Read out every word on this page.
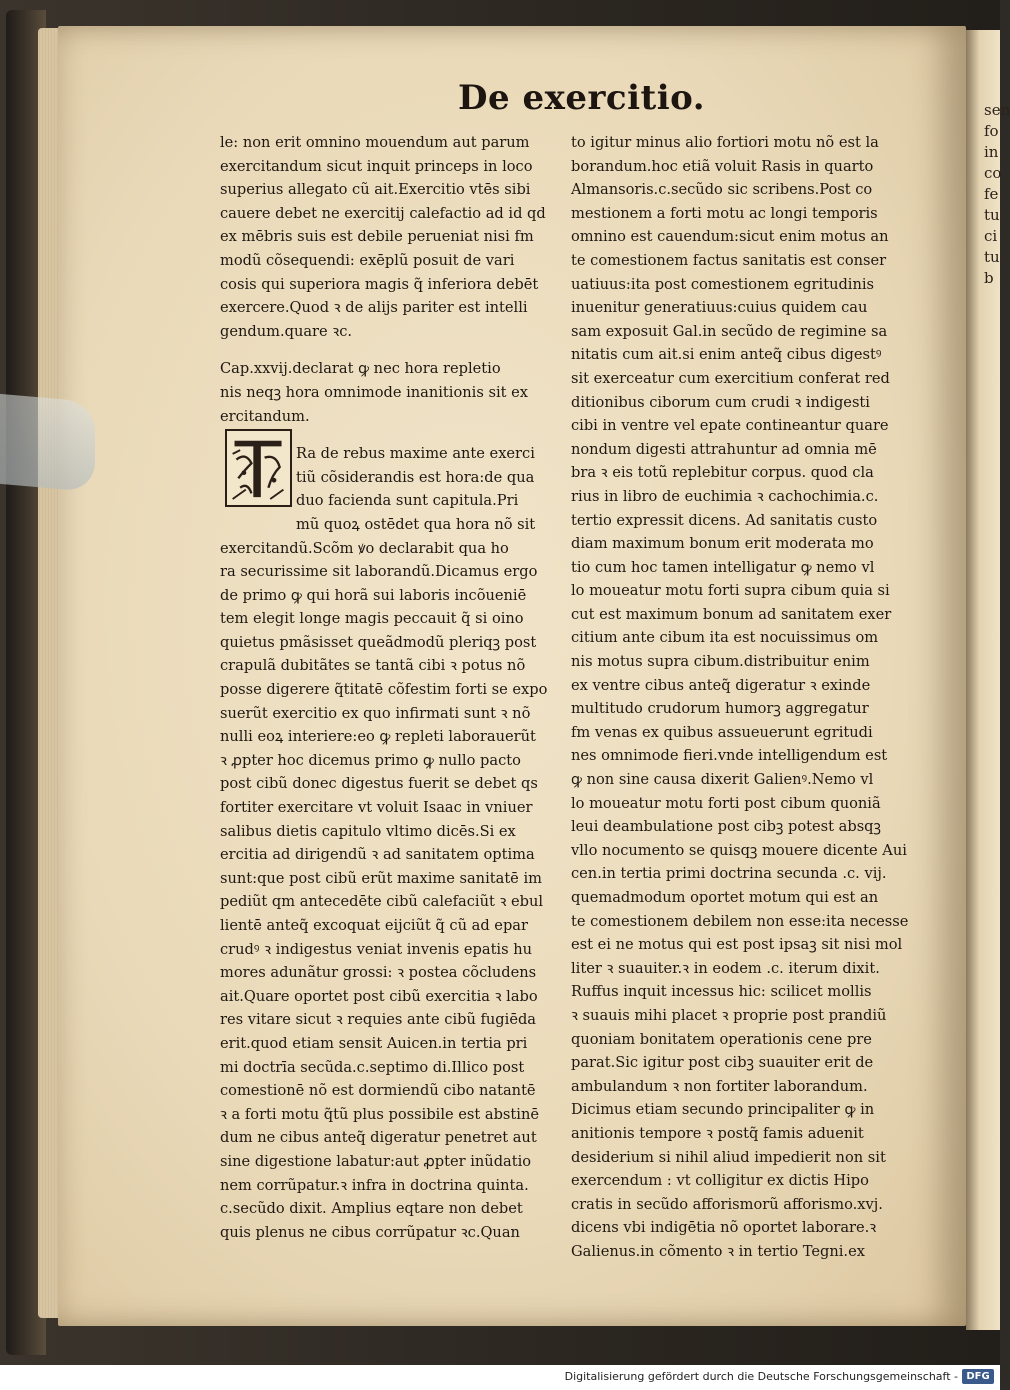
sen
fo
in
co
fe
tu
ci
tu
b
De exercitio.
le: non erit omnino mouendum aut parum
exercitandum sicut inquit princeps in loco
superius allegato cũ ait.Exercitio vtēs sibi
cauere debet ne exercitij calefactio ad id qd
ex mēbris suis est debile perueniat nisi fm
modũ cõsequendi: exēplũ posuit de vari
cosis qui superiora magis q̃ inferiora debēt
exercere.Quod ꝛ de alijs pariter est intelli
gendum.quare ꝛc.
Cap.xxvij.declarat ꝙ nec hora repletio
nis neqꝫ hora omnimode inanitionis sit ex
ercitandum.
Ra de rebus maxime ante exerci
tiũ cõsiderandis est hora:de qua
duo facienda sunt capitula.Pri
mũ quoꝝ ostēdet qua hora nõ sit
exercitandũ.Scõm ꝟo declarabit qua ho
ra securissime sit laborandũ.Dicamus ergo
de primo ꝙ qui horã sui laboris incõueniē
tem elegit longe magis peccauit q̃ si oino
quietus pmãsisset queãdmodũ pleriqꝫ post
crapulã dubitãtes se tantã cibi ꝛ potus nõ
posse digerere q̃titatē cõfestim forti se expo
suerũt exercitio ex quo infirmati sunt ꝛ nõ
nulli eoꝝ interiere:eo ꝙ repleti laborauerũt
ꝛ ꝓpter hoc dicemus primo ꝙ nullo pacto
post cibũ donec digestus fuerit se debet qs
fortiter exercitare vt voluit Isaac in vniuer
salibus dietis capitulo vltimo dicēs.Si ex
ercitia ad dirigendũ ꝛ ad sanitatem optima
sunt:que post cibũ erũt maxime sanitatē im
pediũt qm antecedēte cibũ calefaciũt ꝛ ebul
lientē anteq̃ excoquat eijciũt q̃ cũ ad epar
crudꝰ ꝛ indigestus veniat invenis epatis hu
mores adunãtur grossi: ꝛ postea cõcludens
ait.Quare oportet post cibũ exercitia ꝛ labo
res vitare sicut ꝛ requies ante cibũ fugiēda
erit.quod etiam sensit Auicen.in tertia pri
mi doctrīa secũda.c.septimo di.Illico post
comestionē nõ est dormiendũ cibo natantē
ꝛ a forti motu q̃tũ plus possibile est abstinē
dum ne cibus anteq̃ digeratur penetret aut
sine digestione labatur:aut ꝓpter inũdatio
nem corrũpatur.ꝛ infra in doctrina quinta.
c.secũdo dixit. Amplius eqtare non debet
quis plenus ne cibus corrũpatur ꝛc.Quan
to igitur minus alio fortiori motu nõ est la
borandum.hoc etiã voluit Rasis in quarto
Almansoris.c.secũdo sic scribens.Post co
mestionem a forti motu ac longi temporis
omnino est cauendum:sicut enim motus an
te comestionem factus sanitatis est conser
uatiuus:ita post comestionem egritudinis
inuenitur generatiuus:cuius quidem cau
sam exposuit Gal.in secũdo de regimine sa
nitatis cum ait.si enim anteq̃ cibus digestꝰ
sit exerceatur cum exercitium conferat red
ditionibus ciborum cum crudi ꝛ indigesti
cibi in ventre vel epate contineantur quare
nondum digesti attrahuntur ad omnia mē
bra ꝛ eis totũ replebitur corpus. quod cla
rius in libro de euchimia ꝛ cachochimia.c.
tertio expressit dicens. Ad sanitatis custo
diam maximum bonum erit moderata mo
tio cum hoc tamen intelligatur ꝙ nemo vl
lo moueatur motu forti supra cibum quia si
cut est maximum bonum ad sanitatem exer
citium ante cibum ita est nocuissimus om
nis motus supra cibum.distribuitur enim
ex ventre cibus anteq̃ digeratur ꝛ exinde
multitudo crudorum humorꝫ aggregatur
fm venas ex quibus assueuerunt egritudi
nes omnimode fieri.vnde intelligendum est
ꝙ non sine causa dixerit Galienꝰ.Nemo vl
lo moueatur motu forti post cibum quoniã
leui deambulatione post cibꝫ potest absqꝫ
vllo nocumento se quisqꝫ mouere dicente Aui
cen.in tertia primi doctrina secunda .c. vij.
quemadmodum oportet motum qui est an
te comestionem debilem non esse:ita necesse
est ei ne motus qui est post ipsaꝫ sit nisi mol
liter ꝛ suauiter.ꝛ in eodem .c. iterum dixit.
Ruffus inquit incessus hic: scilicet mollis
ꝛ suauis mihi placet ꝛ proprie post prandiũ
quoniam bonitatem operationis cene pre
parat.Sic igitur post cibꝫ suauiter erit de
ambulandum ꝛ non fortiter laborandum.
Dicimus etiam secundo principaliter ꝙ in
anitionis tempore ꝛ postq̃ famis aduenit
desiderium si nihil aliud impedierit non sit
exercendum : vt colligitur ex dictis Hipo
cratis in secũdo afforismorũ afforismo.xvj.
dicens vbi indigētia nõ oportet laborare.ꝛ
Galienus.in cõmento ꝛ in tertio Tegni.ex
Digitalisierung gefördert durch die Deutsche Forschungsgemeinschaft - DFG
